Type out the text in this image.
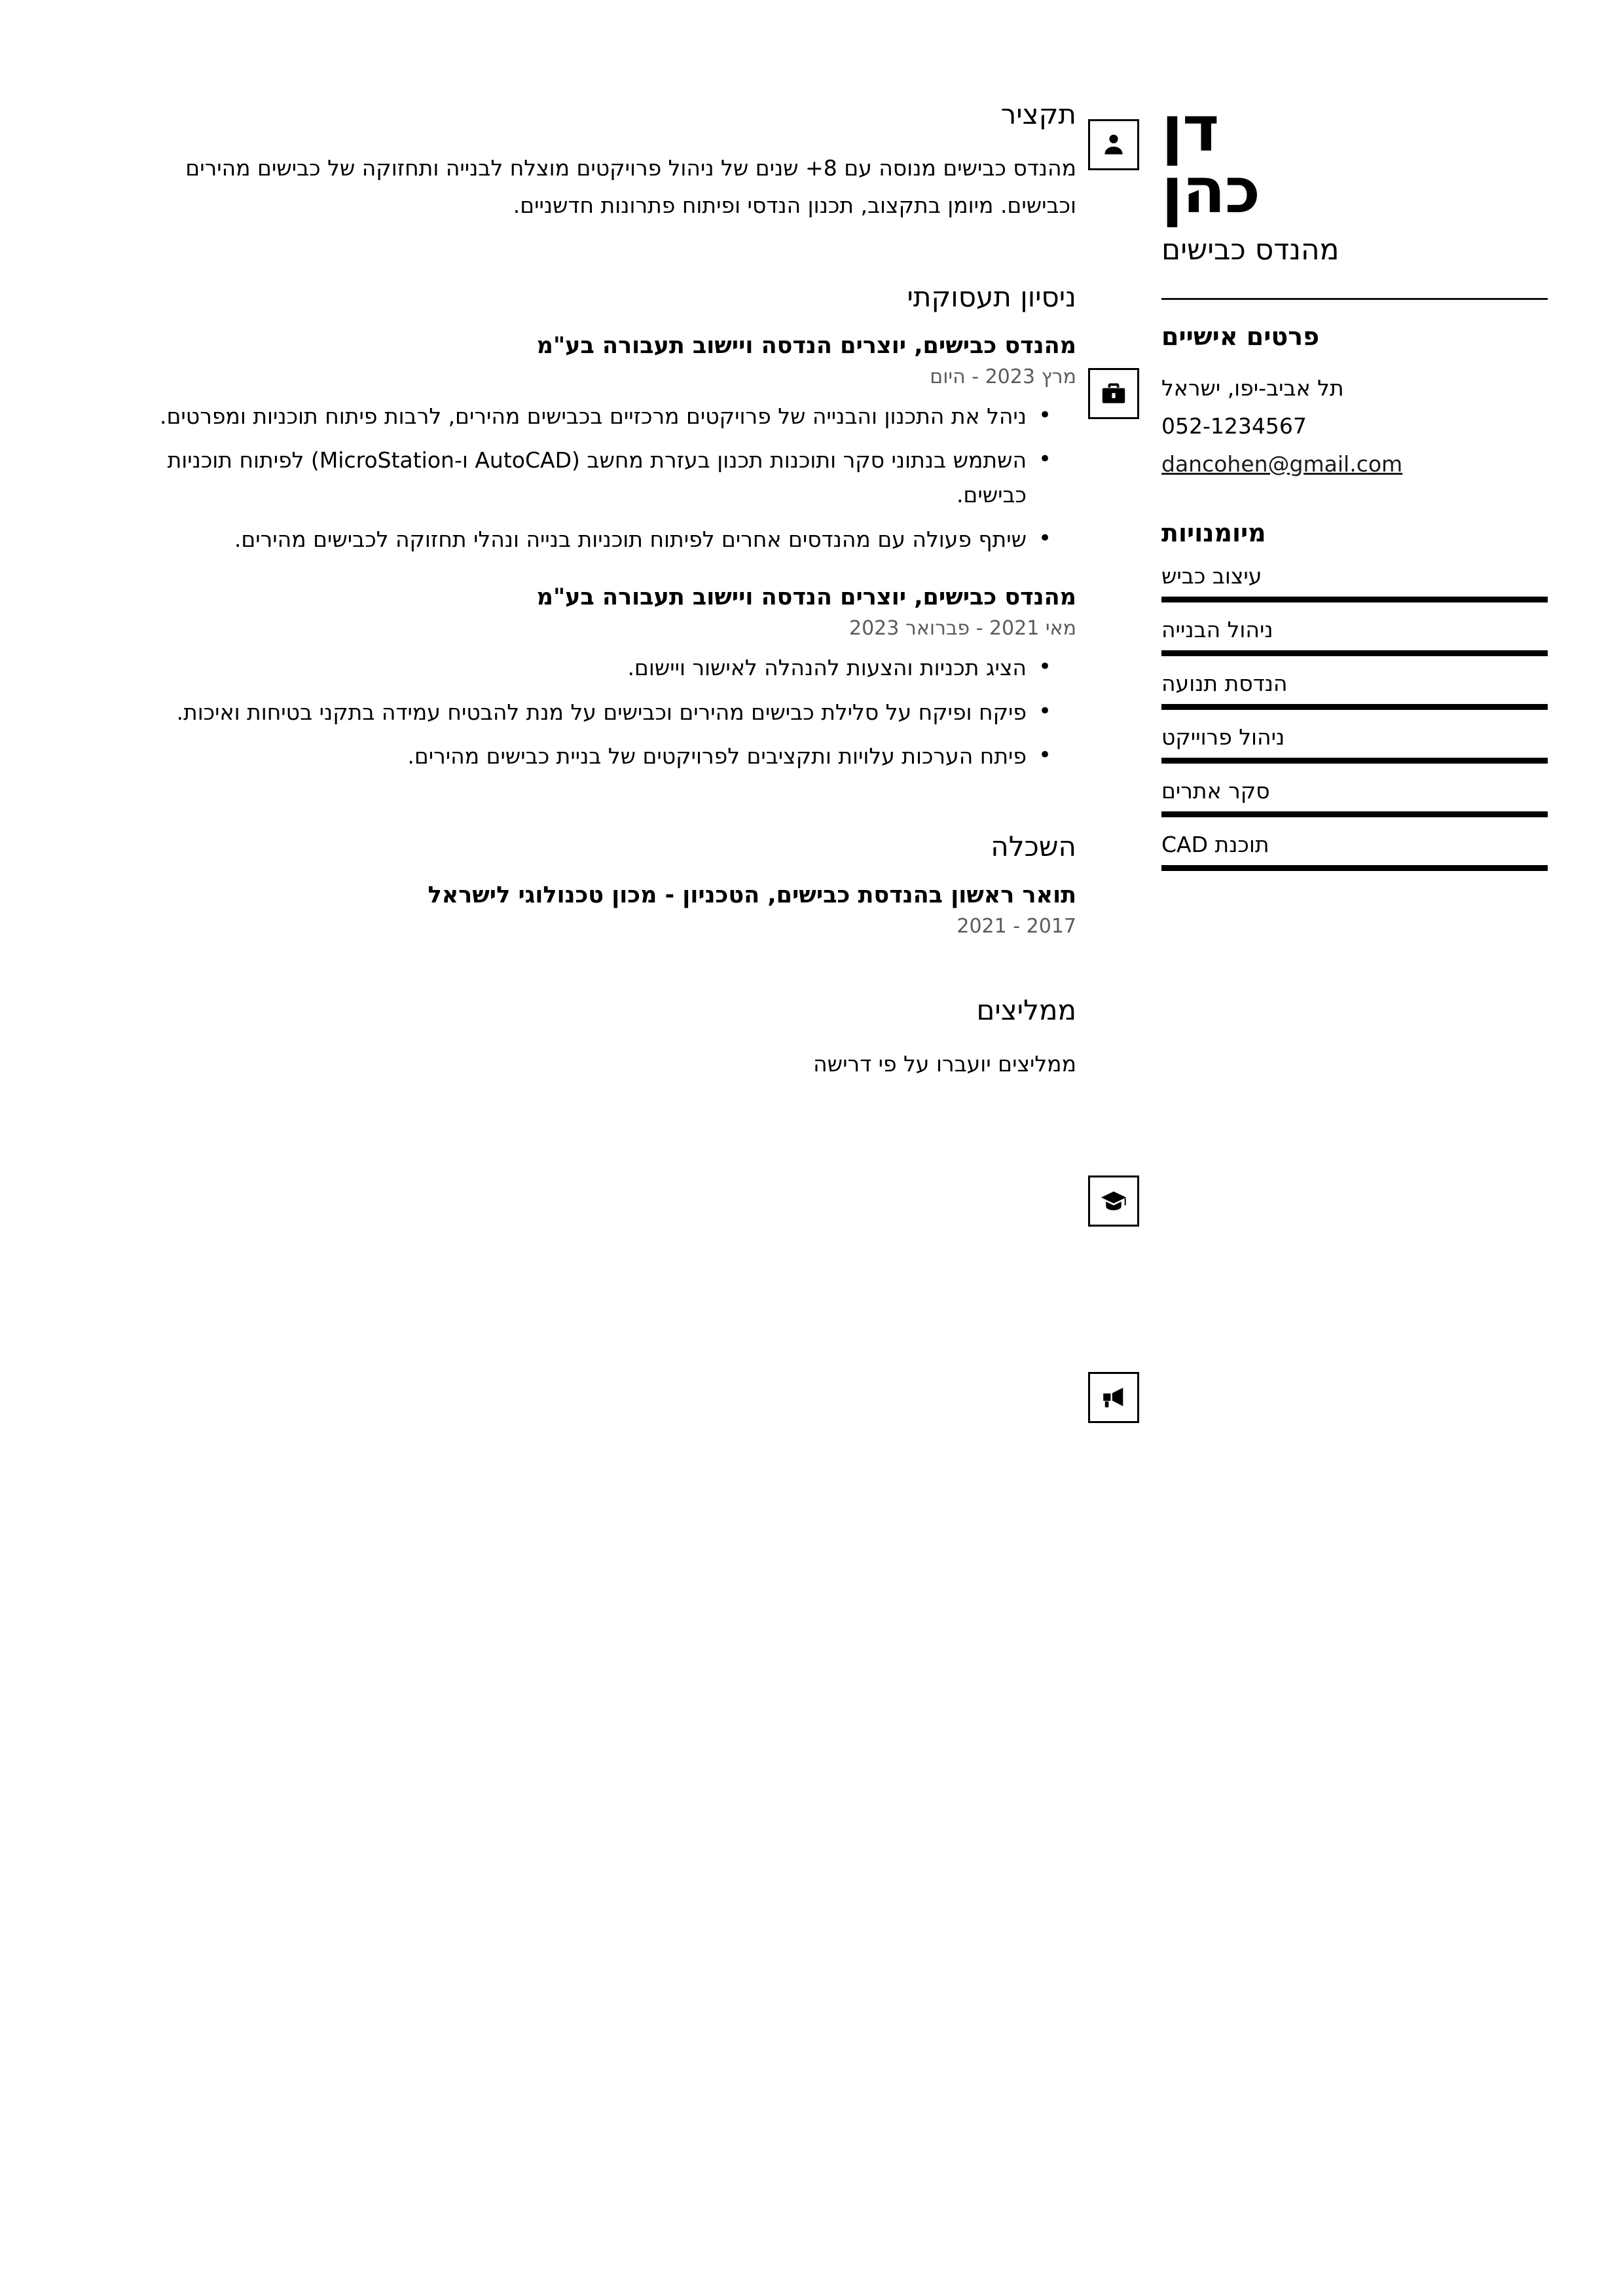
תקציר
מהנדס כבישים מנוסה עם 8+ שנים של ניהול פרויקטים מוצלח לבנייה ותחזוקה של כבישים מהירים וכבישים. מיומן בתקצוב, תכנון הנדסי ופיתוח פתרונות חדשניים.
ניסיון תעסוקתי
מהנדס כבישים, יוצרים הנדסה ויישוב תעבורה בע"מ
מרץ 2023 - היום
• ניהל את התכנון והבנייה של פרויקטים מרכזיים בכבישים מהירים, לרבות פיתוח תוכניות ומפרטים.
• השתמש בנתוני סקר ותוכנות תכנון בעזרת מחשב (AutoCAD ו-MicroStation) לפיתוח תוכניות כבישים.
• שיתף פעולה עם מהנדסים אחרים לפיתוח תוכניות בנייה ונהלי תחזוקה לכבישים מהירים.
מהנדס כבישים, יוצרים הנדסה ויישוב תעבורה בע"מ
מאי 2021 - פברואר 2023
• הציג תכניות והצעות להנהלה לאישור ויישום.
• פיקח ופיקח על סלילת כבישים מהירים וכבישים על מנת להבטיח עמידה בתקני בטיחות ואיכות.
• פיתח הערכות עלויות ותקציבים לפרויקטים של בניית כבישים מהירים.
השכלה
תואר ראשון בהנדסת כבישים, הטכניון - מכון טכנולוגי לישראל
2017 - 2021
ממליצים
ממליצים יועברו על פי דרישה
דן
כהן
מהנדס כבישים
פרטים אישיים
תל אביב-יפו, ישראל
052-1234567
dancohen@gmail.com
מיומנויות
עיצוב כביש
ניהול הבנייה
הנדסת תנועה
ניהול פרוייקט
סקר אתרים
תוכנת CAD
